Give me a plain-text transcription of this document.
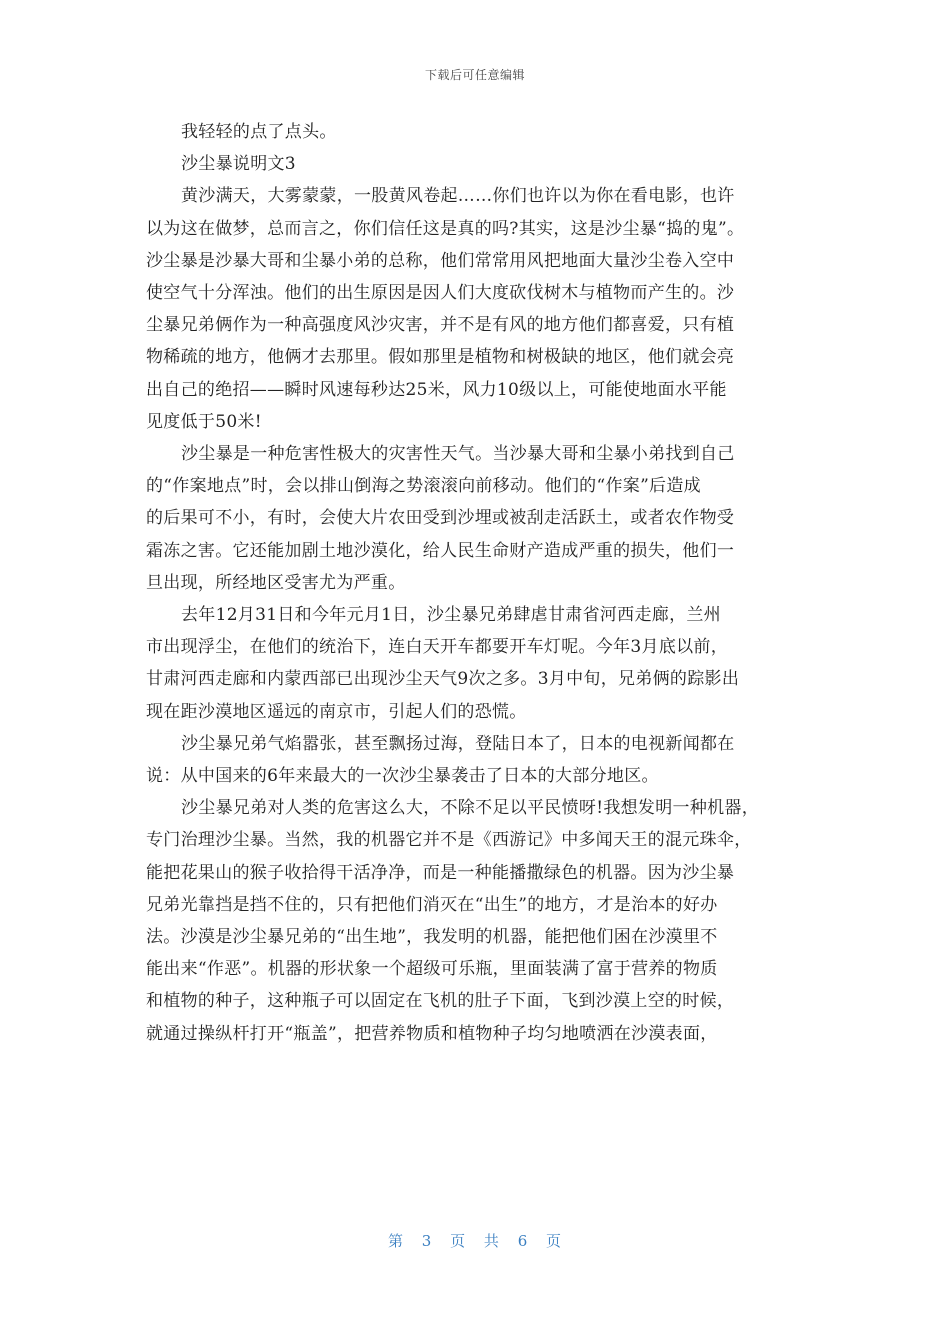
下载后可任意编辑

我轻轻的点了点头。

沙尘暴说明文3

黄沙满天，大雾蒙蒙，一股黄风卷起……你们也许以为你在看电影，也许
以为这在做梦，总而言之，你们信任这是真的吗?其实，这是沙尘暴“捣的鬼”。
沙尘暴是沙暴大哥和尘暴小弟的总称，他们常常用风把地面大量沙尘卷入空中
使空气十分浑浊。他们的出生原因是因人们大度砍伐树木与植物而产生的。沙
尘暴兄弟俩作为一种高强度风沙灾害，并不是有风的地方他们都喜爱，只有植
物稀疏的地方，他俩才去那里。假如那里是植物和树极缺的地区，他们就会亮
出自己的绝招——瞬时风速每秒达25米，风力10级以上，可能使地面水平能
见度低于50米!
沙尘暴是一种危害性极大的灾害性天气。当沙暴大哥和尘暴小弟找到自己
的“作案地点”时，会以排山倒海之势滚滚向前移动。他们的“作案”后造成
的后果可不小，有时，会使大片农田受到沙埋或被刮走活跃土，或者农作物受
霜冻之害。它还能加剧土地沙漠化，给人民生命财产造成严重的损失，他们一
旦出现，所经地区受害尤为严重。
去年12月31日和今年元月1日，沙尘暴兄弟肆虐甘肃省河西走廊，兰州
市出现浮尘，在他们的统治下，连白天开车都要开车灯呢。今年3月底以前，
甘肃河西走廊和内蒙西部已出现沙尘天气9次之多。3月中旬，兄弟俩的踪影出
现在距沙漠地区遥远的南京市，引起人们的恐慌。
沙尘暴兄弟气焰嚣张，甚至飘扬过海，登陆日本了，日本的电视新闻都在
说：从中国来的6年来最大的一次沙尘暴袭击了日本的大部分地区。
沙尘暴兄弟对人类的危害这么大，不除不足以平民愤呀!我想发明一种机器，
专门治理沙尘暴。当然，我的机器它并不是《西游记》中多闻天王的混元珠伞，
能把花果山的猴子收拾得干活净净，而是一种能播撒绿色的机器。因为沙尘暴
兄弟光靠挡是挡不住的，只有把他们消灭在“出生”的地方，才是治本的好办
法。沙漠是沙尘暴兄弟的“出生地”，我发明的机器，能把他们困在沙漠里不
能出来“作恶”。机器的形状象一个超级可乐瓶，里面装满了富于营养的物质
和植物的种子，这种瓶子可以固定在飞机的肚子下面，飞到沙漠上空的时候，
就通过操纵杆打开“瓶盖”，把营养物质和植物种子均匀地喷洒在沙漠表面，
第 3 页 共 6 页
